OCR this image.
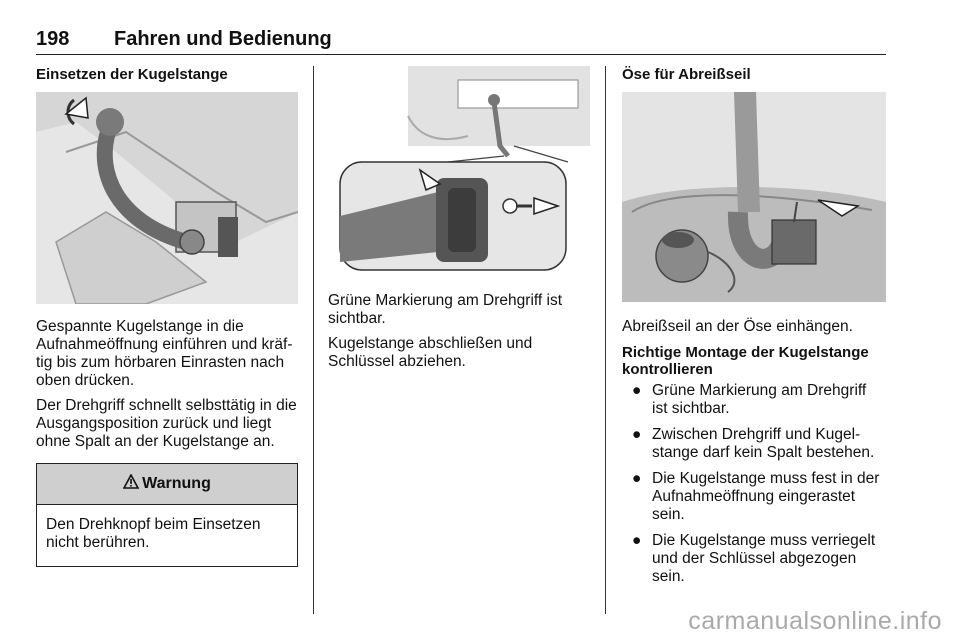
198 Fahren und Bedienung
Einsetzen der Kugelstange

Gespannte Kugelstange in die Aufnahmeöffnung einführen und kräf‐tig bis zum hörbaren Einrasten nach oben drücken.

Der Drehgriff schnellt selbsttätig in die Ausgangsposition zurück und liegt ohne Spalt an der Kugelstange an.

Warnung
Den Drehknopf beim Einsetzen nicht berühren.

Grüne Markierung am Drehgriff ist sichtbar.

Kugelstange abschließen und Schlüssel abziehen.

Öse für Abreißseil

Abreißseil an der Öse einhängen.

Richtige Montage der Kugelstange kontrollieren
● Grüne Markierung am Drehgriff ist sichtbar.
● Zwischen Drehgriff und Kugel‐stange darf kein Spalt bestehen.
● Die Kugelstange muss fest in der Aufnahmeöffnung eingerastet sein.
● Die Kugelstange muss verriegelt und der Schlüssel abgezogen sein.
carmanualsonline.info
